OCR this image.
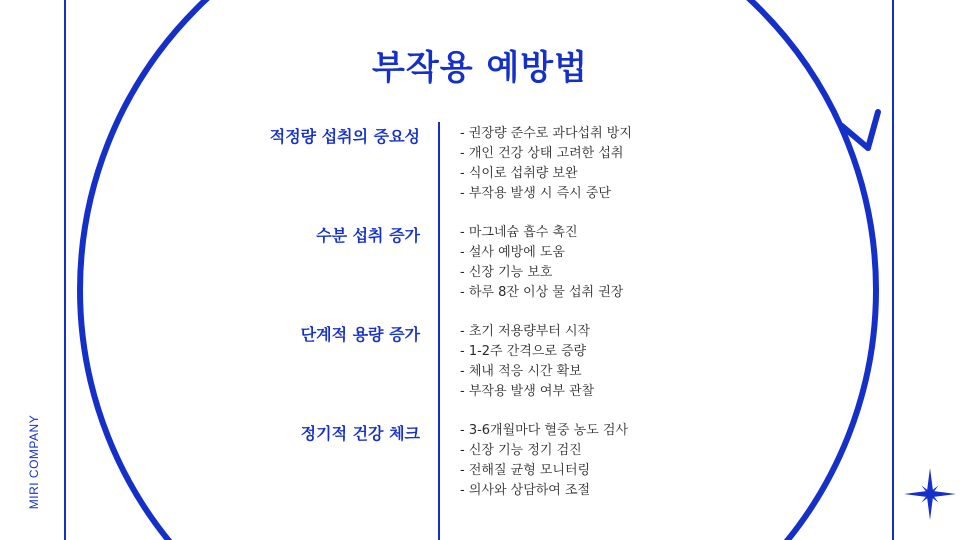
MIRI COMPANY
부작용 예방법
적정량 섭취의 중요성	- 권장량 준수로 과다섭취 방지
- 개인 건강 상태 고려한 섭취
- 식이로 섭취량 보완
- 부작용 발생 시 즉시 중단
수분 섭취 증가	- 마그네슘 흡수 촉진
- 설사 예방에 도움
- 신장 기능 보호
- 하루 8잔 이상 물 섭취 권장
단계적 용량 증가	- 초기 저용량부터 시작
- 1-2주 간격으로 증량
- 체내 적응 시간 확보
- 부작용 발생 여부 관찰
정기적 건강 체크	- 3-6개월마다 혈중 농도 검사
- 신장 기능 정기 검진
- 전해질 균형 모니터링
- 의사와 상담하여 조절
